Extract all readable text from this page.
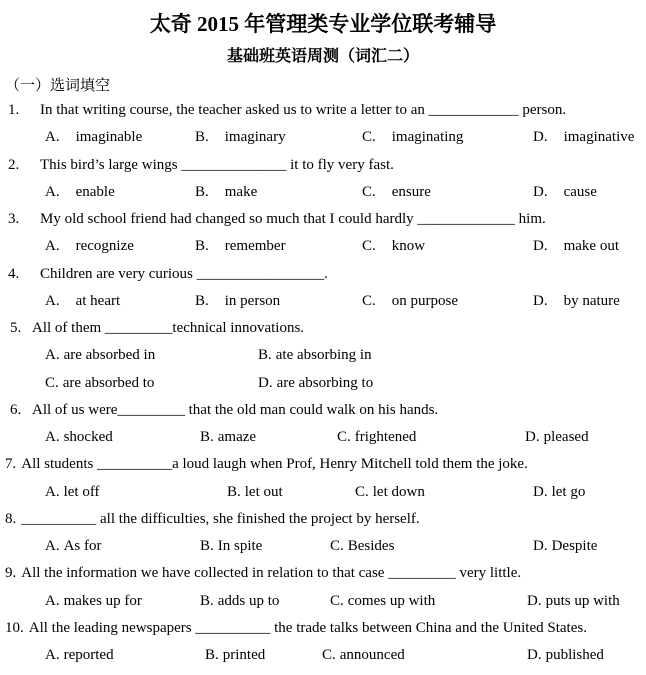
太奇 2015 年管理类专业学位联考辅导
基础班英语周测（词汇二）
（一）选词填空
1. In that writing course, the teacher asked us to write a letter to an ____________ person.
A. imaginable	B. imaginary	C. imaginating	D. imaginative
2. This bird’s large wings ______________ it to fly very fast.
A. enable	B. make	C. ensure	D. cause
3. My old school friend had changed so much that I could hardly _____________ him.
A. recognize	B. remember	C. know	D. make out
4. Children are very curious _________________.
A. at heart	B. in person	C. on purpose	D. by nature
5. All of them _________technical innovations.
A. are absorbed in	B. ate absorbing in
C. are absorbed to	D. are absorbing to
6. All of us were_________ that the old man could walk on his hands.
A. shocked	B. amaze	C. frightened	D. pleased
7. All students __________a loud laugh when Prof, Henry Mitchell told them the joke.
A. let off	B. let out	C. let down	D. let go
8. __________ all the difficulties, she finished the project by herself.
A. As for	B. In spite	C. Besides	D. Despite
9. All the information we have collected in relation to that case _________ very little.
A. makes up for	B. adds up to	C. comes up with	D. puts up with
10. All the leading newspapers __________ the trade talks between China and the United States.
A. reported	B. printed	C. announced	D. published
